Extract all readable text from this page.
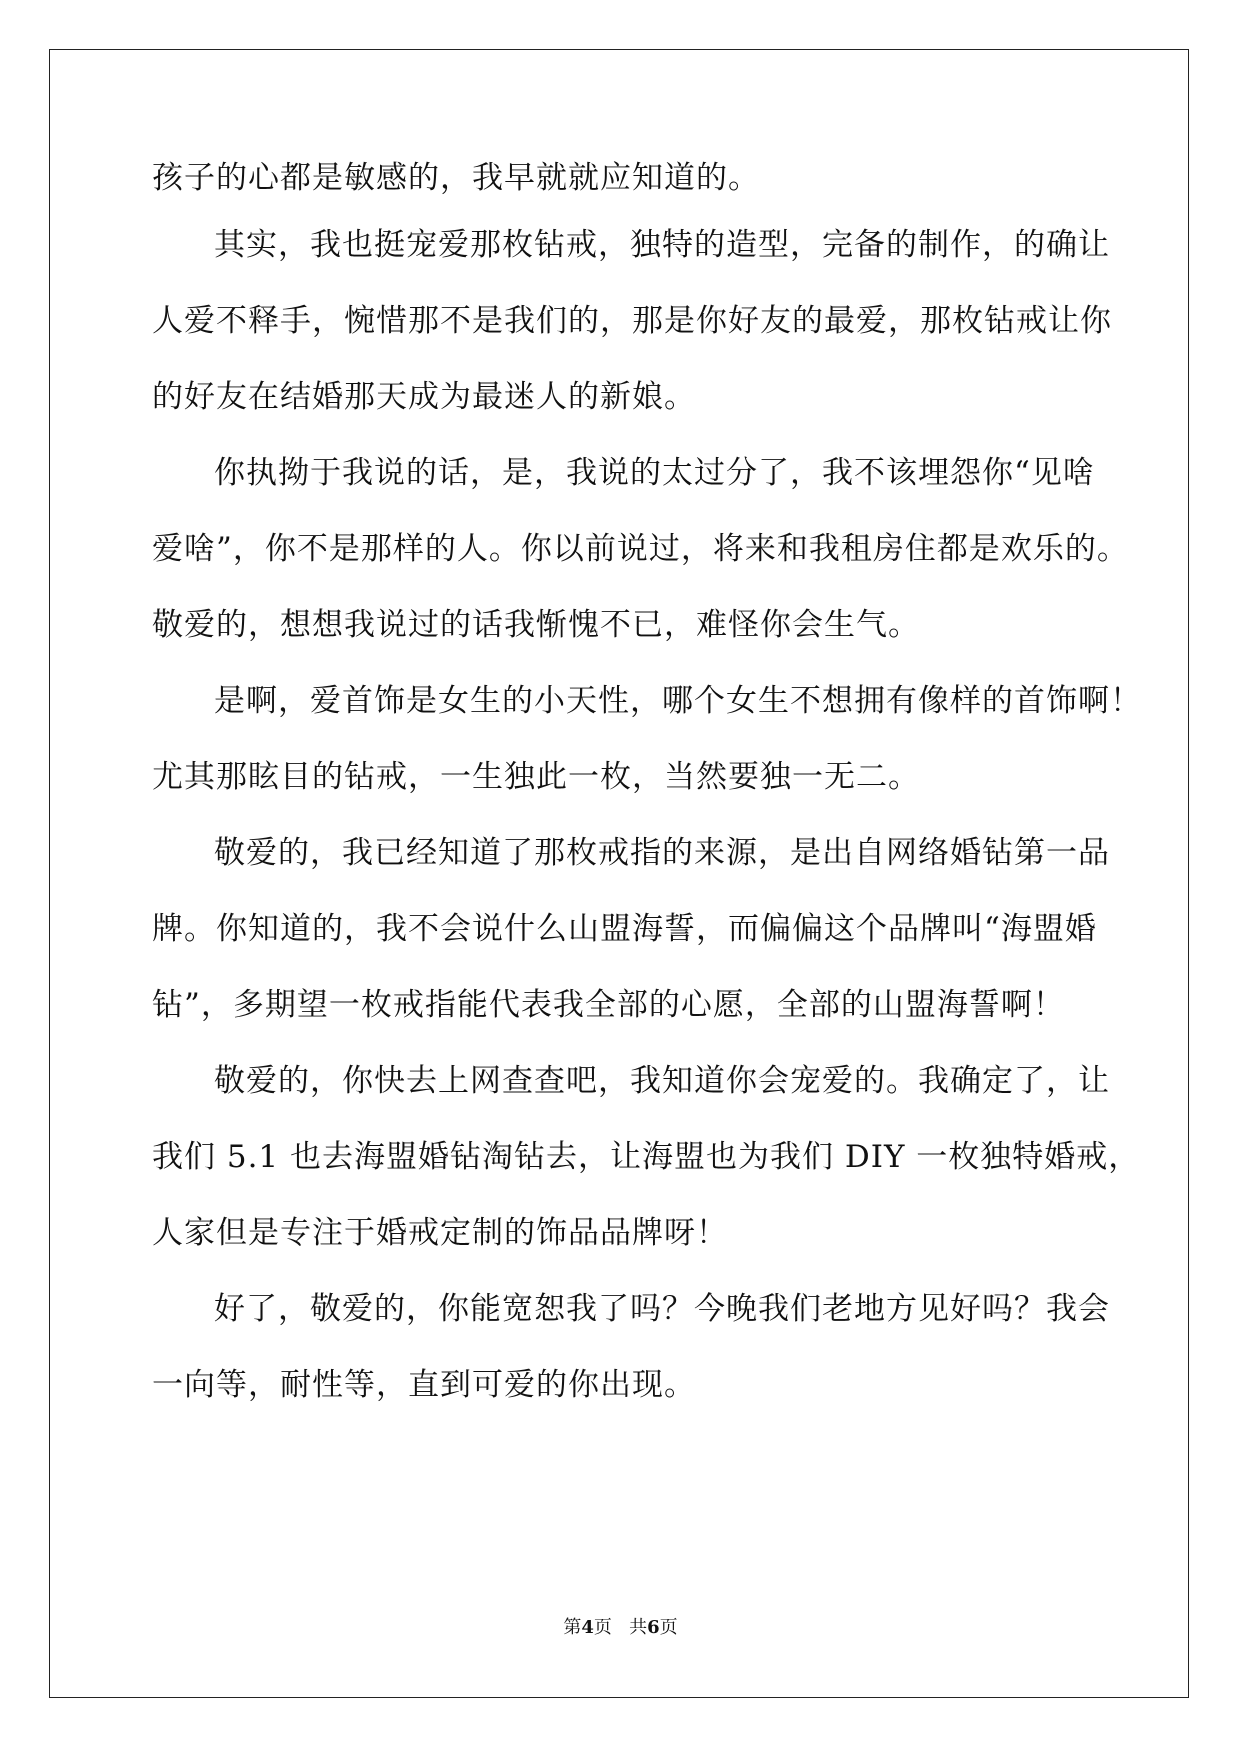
孩子的心都是敏感的，我早就就应知道的。
其实，我也挺宠爱那枚钻戒，独特的造型，完备的制作，的确让
人爱不释手，惋惜那不是我们的，那是你好友的最爱，那枚钻戒让你
的好友在结婚那天成为最迷人的新娘。
你执拗于我说的话，是，我说的太过分了，我不该埋怨你“见啥
爱啥”，你不是那样的人。你以前说过，将来和我租房住都是欢乐的。
敬爱的，想想我说过的话我惭愧不已，难怪你会生气。
是啊，爱首饰是女生的小天性，哪个女生不想拥有像样的首饰啊！
尤其那眩目的钻戒，一生独此一枚，当然要独一无二。
敬爱的，我已经知道了那枚戒指的来源，是出自网络婚钻第一品
牌。你知道的，我不会说什么山盟海誓，而偏偏这个品牌叫“海盟婚
钻”，多期望一枚戒指能代表我全部的心愿，全部的山盟海誓啊！
敬爱的，你快去上网查查吧，我知道你会宠爱的。我确定了，让
我们 5.1 也去海盟婚钻淘钻去，让海盟也为我们 DIY 一枚独特婚戒，
人家但是专注于婚戒定制的饰品品牌呀！
好了，敬爱的，你能宽恕我了吗？今晚我们老地方见好吗？我会
一向等，耐性等，直到可爱的你出现。
第4页   共6页
